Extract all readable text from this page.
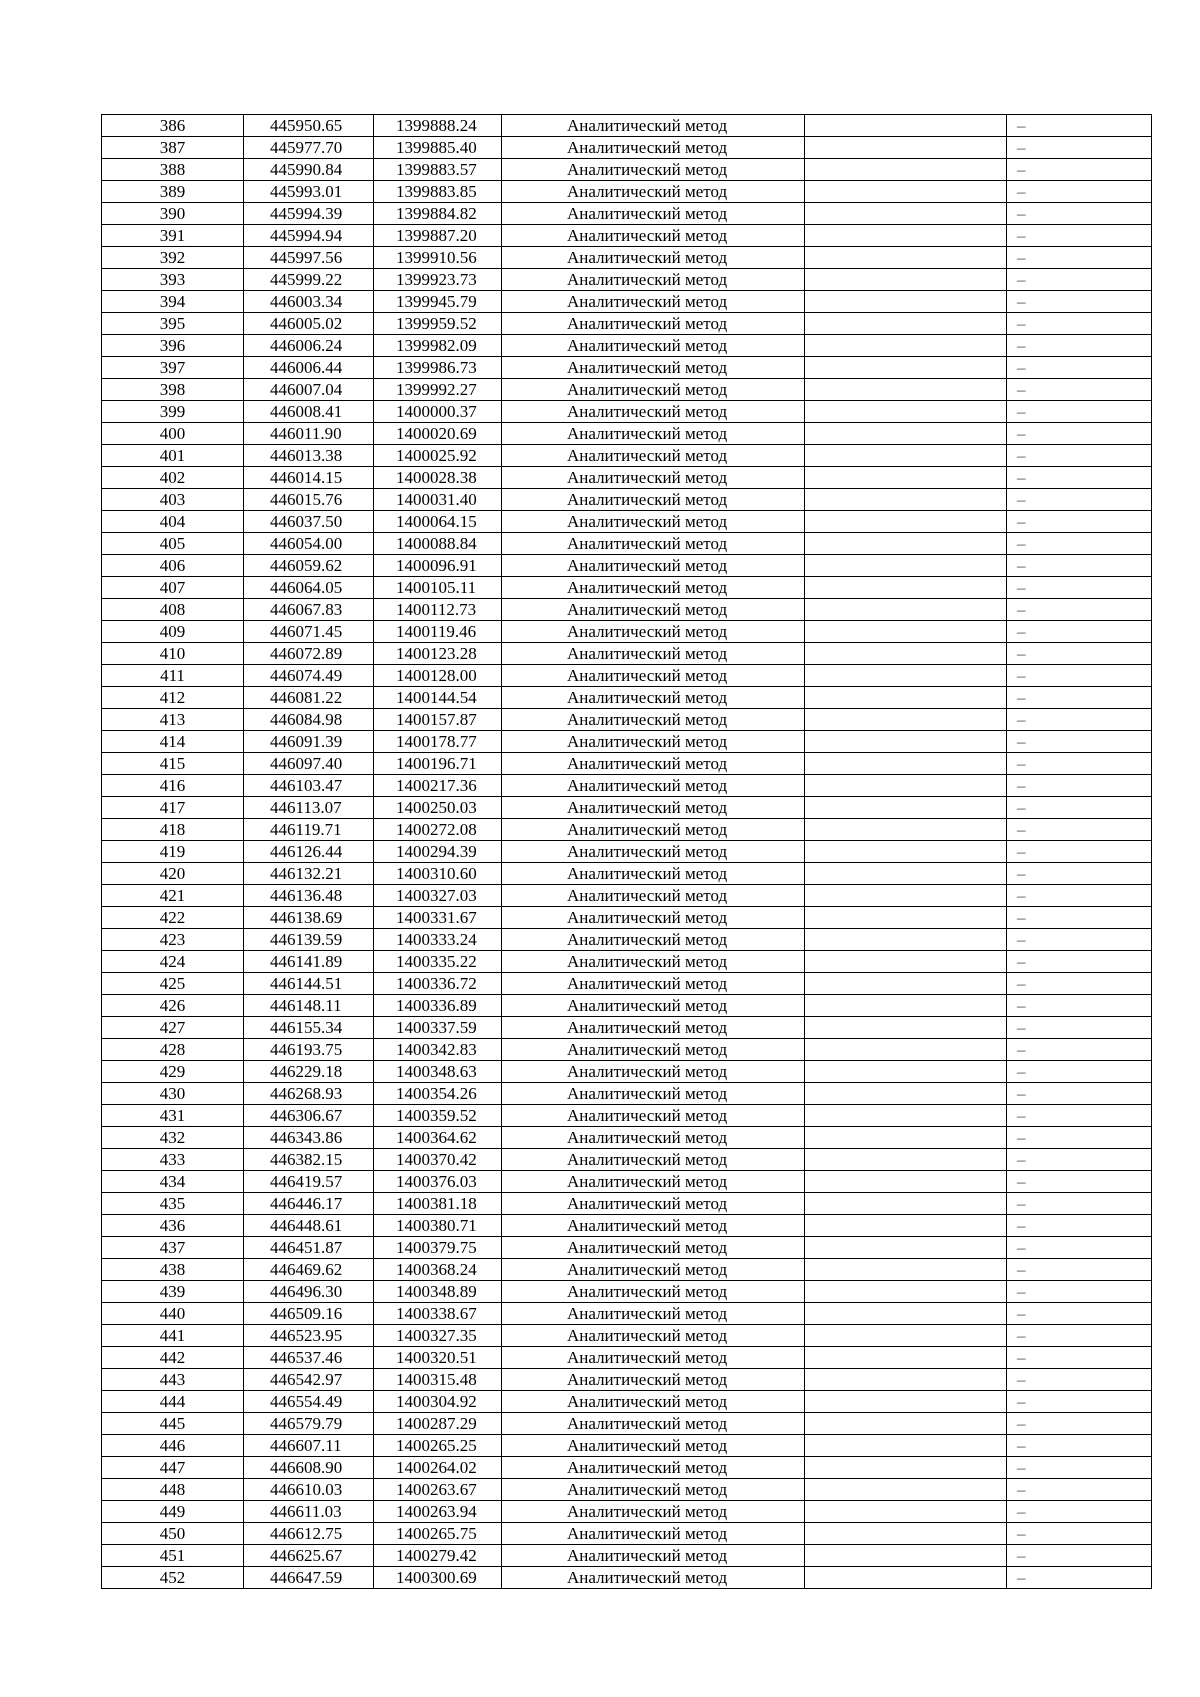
386	445950.65	1399888.24	Аналитический метод		–
387	445977.70	1399885.40	Аналитический метод		–
388	445990.84	1399883.57	Аналитический метод		–
389	445993.01	1399883.85	Аналитический метод		–
390	445994.39	1399884.82	Аналитический метод		–
391	445994.94	1399887.20	Аналитический метод		–
392	445997.56	1399910.56	Аналитический метод		–
393	445999.22	1399923.73	Аналитический метод		–
394	446003.34	1399945.79	Аналитический метод		–
395	446005.02	1399959.52	Аналитический метод		–
396	446006.24	1399982.09	Аналитический метод		–
397	446006.44	1399986.73	Аналитический метод		–
398	446007.04	1399992.27	Аналитический метод		–
399	446008.41	1400000.37	Аналитический метод		–
400	446011.90	1400020.69	Аналитический метод		–
401	446013.38	1400025.92	Аналитический метод		–
402	446014.15	1400028.38	Аналитический метод		–
403	446015.76	1400031.40	Аналитический метод		–
404	446037.50	1400064.15	Аналитический метод		–
405	446054.00	1400088.84	Аналитический метод		–
406	446059.62	1400096.91	Аналитический метод		–
407	446064.05	1400105.11	Аналитический метод		–
408	446067.83	1400112.73	Аналитический метод		–
409	446071.45	1400119.46	Аналитический метод		–
410	446072.89	1400123.28	Аналитический метод		–
411	446074.49	1400128.00	Аналитический метод		–
412	446081.22	1400144.54	Аналитический метод		–
413	446084.98	1400157.87	Аналитический метод		–
414	446091.39	1400178.77	Аналитический метод		–
415	446097.40	1400196.71	Аналитический метод		–
416	446103.47	1400217.36	Аналитический метод		–
417	446113.07	1400250.03	Аналитический метод		–
418	446119.71	1400272.08	Аналитический метод		–
419	446126.44	1400294.39	Аналитический метод		–
420	446132.21	1400310.60	Аналитический метод		–
421	446136.48	1400327.03	Аналитический метод		–
422	446138.69	1400331.67	Аналитический метод		–
423	446139.59	1400333.24	Аналитический метод		–
424	446141.89	1400335.22	Аналитический метод		–
425	446144.51	1400336.72	Аналитический метод		–
426	446148.11	1400336.89	Аналитический метод		–
427	446155.34	1400337.59	Аналитический метод		–
428	446193.75	1400342.83	Аналитический метод		–
429	446229.18	1400348.63	Аналитический метод		–
430	446268.93	1400354.26	Аналитический метод		–
431	446306.67	1400359.52	Аналитический метод		–
432	446343.86	1400364.62	Аналитический метод		–
433	446382.15	1400370.42	Аналитический метод		–
434	446419.57	1400376.03	Аналитический метод		–
435	446446.17	1400381.18	Аналитический метод		–
436	446448.61	1400380.71	Аналитический метод		–
437	446451.87	1400379.75	Аналитический метод		–
438	446469.62	1400368.24	Аналитический метод		–
439	446496.30	1400348.89	Аналитический метод		–
440	446509.16	1400338.67	Аналитический метод		–
441	446523.95	1400327.35	Аналитический метод		–
442	446537.46	1400320.51	Аналитический метод		–
443	446542.97	1400315.48	Аналитический метод		–
444	446554.49	1400304.92	Аналитический метод		–
445	446579.79	1400287.29	Аналитический метод		–
446	446607.11	1400265.25	Аналитический метод		–
447	446608.90	1400264.02	Аналитический метод		–
448	446610.03	1400263.67	Аналитический метод		–
449	446611.03	1400263.94	Аналитический метод		–
450	446612.75	1400265.75	Аналитический метод		–
451	446625.67	1400279.42	Аналитический метод		–
452	446647.59	1400300.69	Аналитический метод		–
